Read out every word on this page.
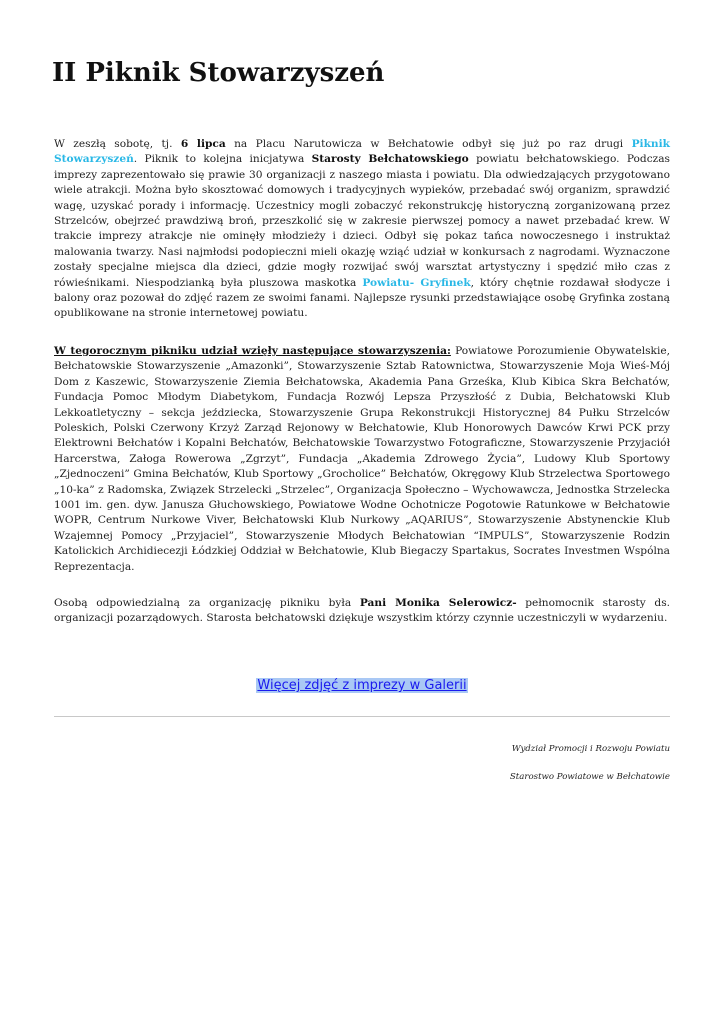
II Piknik Stowarzyszeń

W zeszłą sobotę, tj. 6 lipca na Placu Narutowicza w Bełchatowie odbył się już po raz drugi Piknik Stowarzyszeń. Piknik to kolejna inicjatywa Starosty Bełchatowskiego powiatu bełchatowskiego. Podczas imprezy zaprezentowało się prawie 30 organizacji z naszego miasta i powiatu. Dla odwiedzających przygotowano wiele atrakcji. Można było skosztować domowych i tradycyjnych wypieków, przebadać swój organizm, sprawdzić wagę, uzyskać porady i informację. Uczestnicy mogli zobaczyć rekonstrukcję historyczną zorganizowaną przez Strzelców, obejrzeć prawdziwą broń, przeszkolić się w zakresie pierwszej pomocy a nawet przebadać krew. W trakcie imprezy atrakcje nie ominęły młodzieży i dzieci. Odbył się pokaz tańca nowoczesnego i instruktaż malowania twarzy. Nasi najmłodsi podopieczni mieli okazję wziąć udział w konkursach z nagrodami. Wyznaczone zostały specjalne miejsca dla dzieci, gdzie mogły rozwijać swój warsztat artystyczny i spędzić miło czas z rówieśnikami. Niespodzianką była pluszowa maskotka Powiatu- Gryfinek, który chętnie rozdawał słodycze i balony oraz pozował do zdjęć razem ze swoimi fanami. Najlepsze rysunki przedstawiające osobę Gryfinka zostaną opublikowane na stronie internetowej powiatu.

W tegorocznym pikniku udział wzięły następujące stowarzyszenia: Powiatowe Porozumienie Obywatelskie, Bełchatowskie Stowarzyszenie „Amazonki”, Stowarzyszenie Sztab Ratownictwa, Stowarzyszenie Moja Wieś-Mój Dom z Kaszewic, Stowarzyszenie Ziemia Bełchatowska, Akademia Pana Grześka, Klub Kibica Skra Bełchatów, Fundacja Pomoc Młodym Diabetykom, Fundacja Rozwój Lepsza Przyszłość z Dubia, Bełchatowski Klub Lekkoatletyczny – sekcja jeździecka, Stowarzyszenie Grupa Rekonstrukcji Historycznej 84 Pułku Strzelców Poleskich, Polski Czerwony Krzyż Zarząd Rejonowy w Bełchatowie, Klub Honorowych Dawców Krwi PCK przy Elektrowni Bełchatów i Kopalni Bełchatów, Bełchatowskie Towarzystwo Fotograficzne, Stowarzyszenie Przyjaciół Harcerstwa, Załoga Rowerowa „Zgrzyt”, Fundacja „Akademia Zdrowego Życia”, Ludowy Klub Sportowy „Zjednoczeni” Gmina Bełchatów, Klub Sportowy „Grocholice” Bełchatów, Okręgowy Klub Strzelectwa Sportowego „10-ka” z Radomska, Związek Strzelecki „Strzelec”, Organizacja Społeczno – Wychowawcza, Jednostka Strzelecka 1001 im. gen. dyw. Janusza Głuchowskiego, Powiatowe Wodne Ochotnicze Pogotowie Ratunkowe w Bełchatowie WOPR, Centrum Nurkowe Viver, Bełchatowski Klub Nurkowy „AQARIUS”, Stowarzyszenie Abstynenckie Klub Wzajemnej Pomocy „Przyjaciel”, Stowarzyszenie Młodych Bełchatowian “IMPULS”, Stowarzyszenie Rodzin Katolickich Archidiecezji Łódzkiej Oddział w Bełchatowie, Klub Biegaczy Spartakus, Socrates Investmen Wspólna Reprezentacja.

Osobą odpowiedzialną za organizację pikniku była Pani Monika Selerowicz- pełnomocnik starosty ds. organizacji pozarządowych. Starosta bełchatowski dziękuje wszystkim którzy czynnie uczestniczyli w wydarzeniu.

Więcej zdjęć z imprezy w Galerii
Wydział Promocji i Rozwoju Powiatu
Starostwo Powiatowe w Bełchatowie
